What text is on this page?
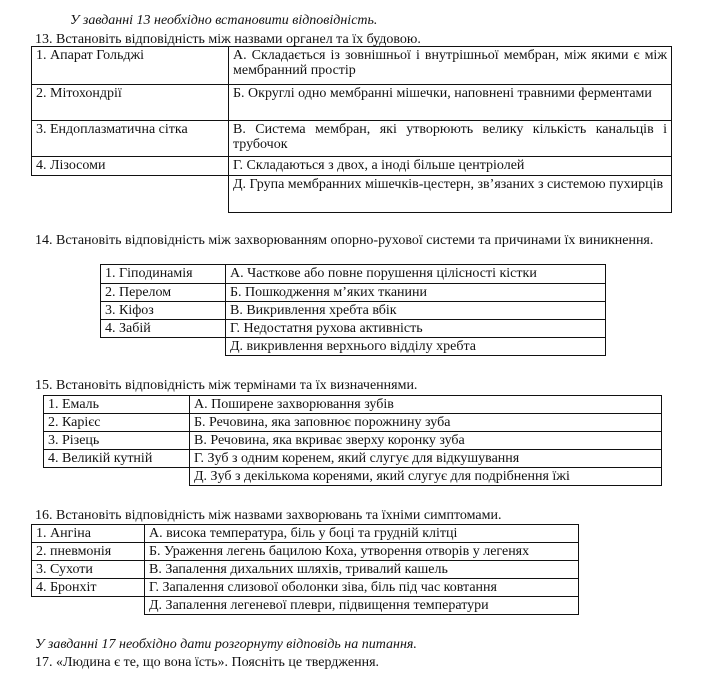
У завданні 13 необхідно встановити відповідність.
13. Встановіть відповідність між назвами органел та їх будовою.
1. Апарат Гольджі	А. Складається із зовнішньої і внутрішньої мембран, між якими є між мембранний простір
2. Мітохондрії	Б. Округлі одно мембранні мішечки, наповнені травними ферментами
3. Ендоплазматична сітка	В. Система мембран, які утворюють велику кількість канальців і трубочок
4. Лізосоми	Г. Складаються з двох, а іноді більше центріолей
	Д. Група мембранних мішечків-цестерн, зв’язаних з системою пухирців
14. Встановіть відповідність між захворюванням опорно-рухової системи та причинами їх виникнення.
1. Гіподинамія	А. Часткове або повне порушення цілісності кістки
2. Перелом	Б. Пошкодження м’яких тканини
3. Кіфоз	В. Викривлення хребта вбік
4. Забій	Г. Недостатня рухова активність
	Д. викривлення верхнього відділу хребта
15. Встановіть відповідність між термінами та їх визначеннями.
1. Емаль	А. Поширене захворювання зубів
2. Карієс	Б. Речовина, яка заповнює порожнину зуба
3. Різець	В. Речовина, яка вкриває зверху коронку зуба
4. Великій кутній	Г. Зуб з одним коренем, який слугує для відкушування
	Д. Зуб з декількома коренями, який слугує для подрібнення їжі
16. Встановіть відповідність між назвами захворювань та їхніми симптомами.
1. Ангіна	А. висока температура, біль у боці та грудній клітці
2. пневмонія	Б. Ураження легень бацилою Коха, утворення отворів у легенях
3. Сухоти	В. Запалення дихальних шляхів, тривалий кашель
4. Бронхіт	Г. Запалення слизової оболонки зіва, біль під час ковтання
	Д. Запалення легеневої плеври, підвищення температури
У завданні 17 необхідно дати розгорнуту відповідь на питання.
17. «Людина є те, що вона їсть». Поясніть це твердження.
